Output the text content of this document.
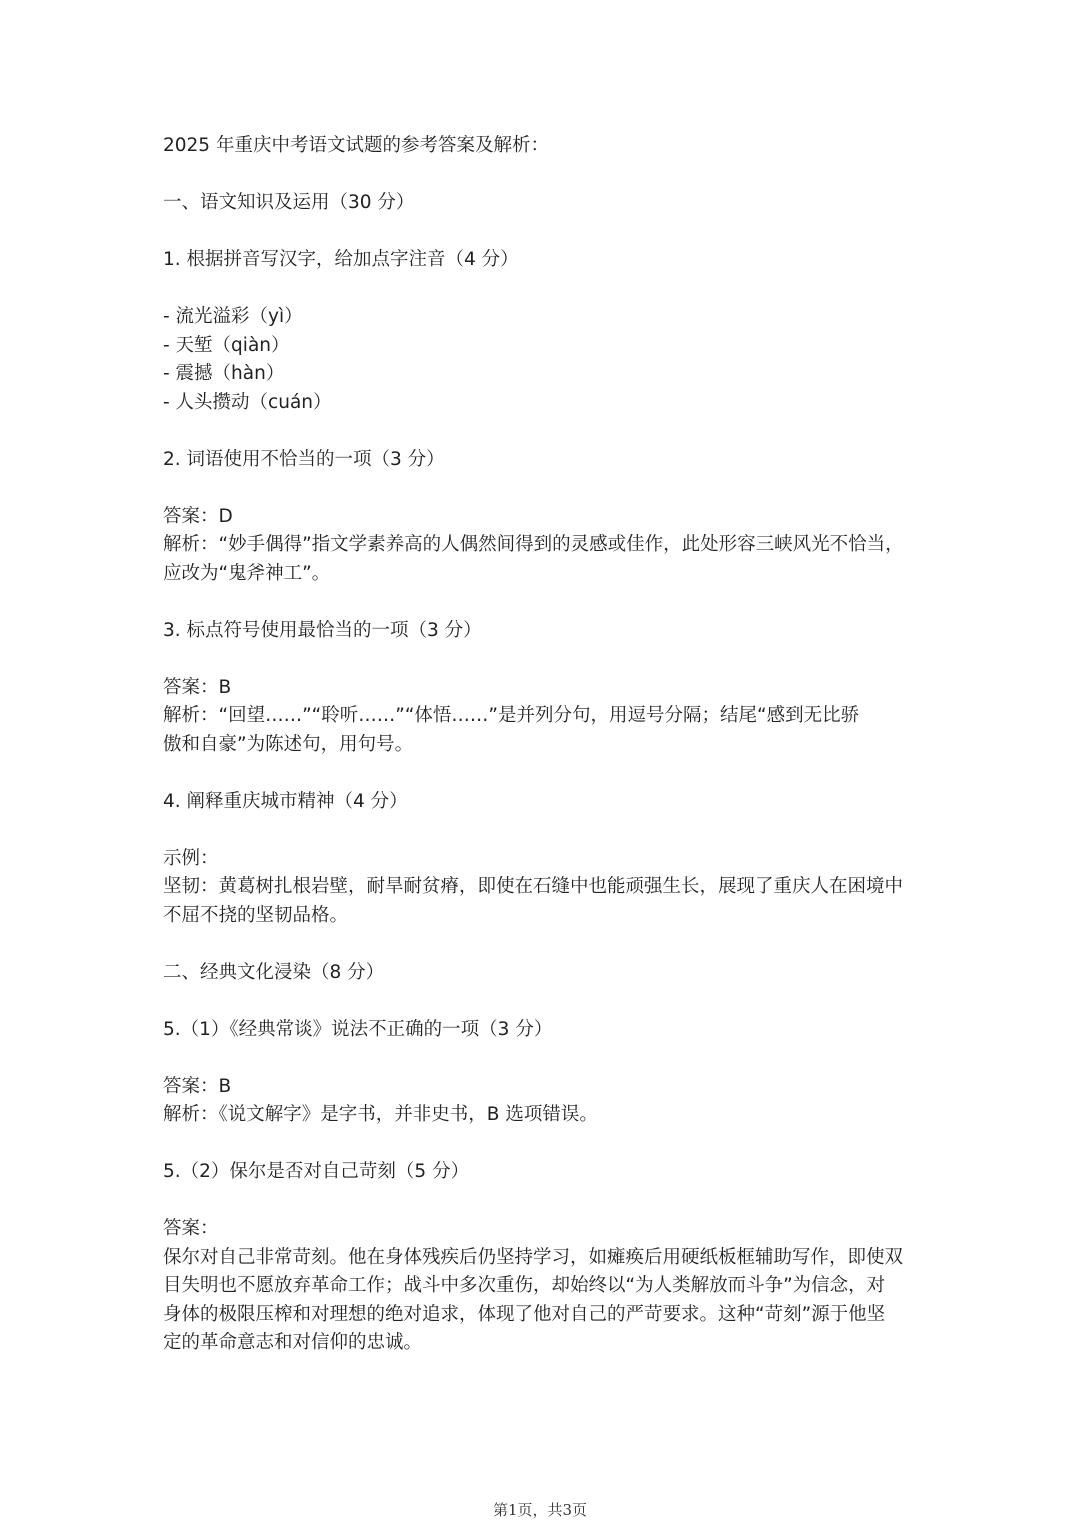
2025 年重庆中考语文试题的参考答案及解析：

一、语文知识及运用（30 分）

1. 根据拼音写汉字，给加点字注音（4 分）

- 流光溢彩（yì）

- 天堑（qiàn）

- 震撼（hàn）

- 人头攒动（cuán）

2. 词语使用不恰当的一项（3 分）

答案：D

解析：“妙手偶得”指文学素养高的人偶然间得到的灵感或佳作，此处形容三峡风光不恰当，

应改为“鬼斧神工”。

3. 标点符号使用最恰当的一项（3 分）

答案：B

解析：“回望……”“聆听……”“体悟……”是并列分句，用逗号分隔；结尾“感到无比骄

傲和自豪”为陈述句，用句号。

4. 阐释重庆城市精神（4 分）

示例：

坚韧：黄葛树扎根岩壁，耐旱耐贫瘠，即使在石缝中也能顽强生长，展现了重庆人在困境中

不屈不挠的坚韧品格。

二、经典文化浸染（8 分）

5.（1）《经典常谈》说法不正确的一项（3 分）

答案：B

解析：《说文解字》是字书，并非史书，B 选项错误。

5.（2）保尔是否对自己苛刻（5 分）

答案：

保尔对自己非常苛刻。他在身体残疾后仍坚持学习，如瘫痪后用硬纸板框辅助写作，即使双

目失明也不愿放弃革命工作；战斗中多次重伤，却始终以“为人类解放而斗争”为信念，对

身体的极限压榨和对理想的绝对追求，体现了他对自己的严苛要求。这种“苛刻”源于他坚

定的革命意志和对信仰的忠诚。

第1页，共3页
